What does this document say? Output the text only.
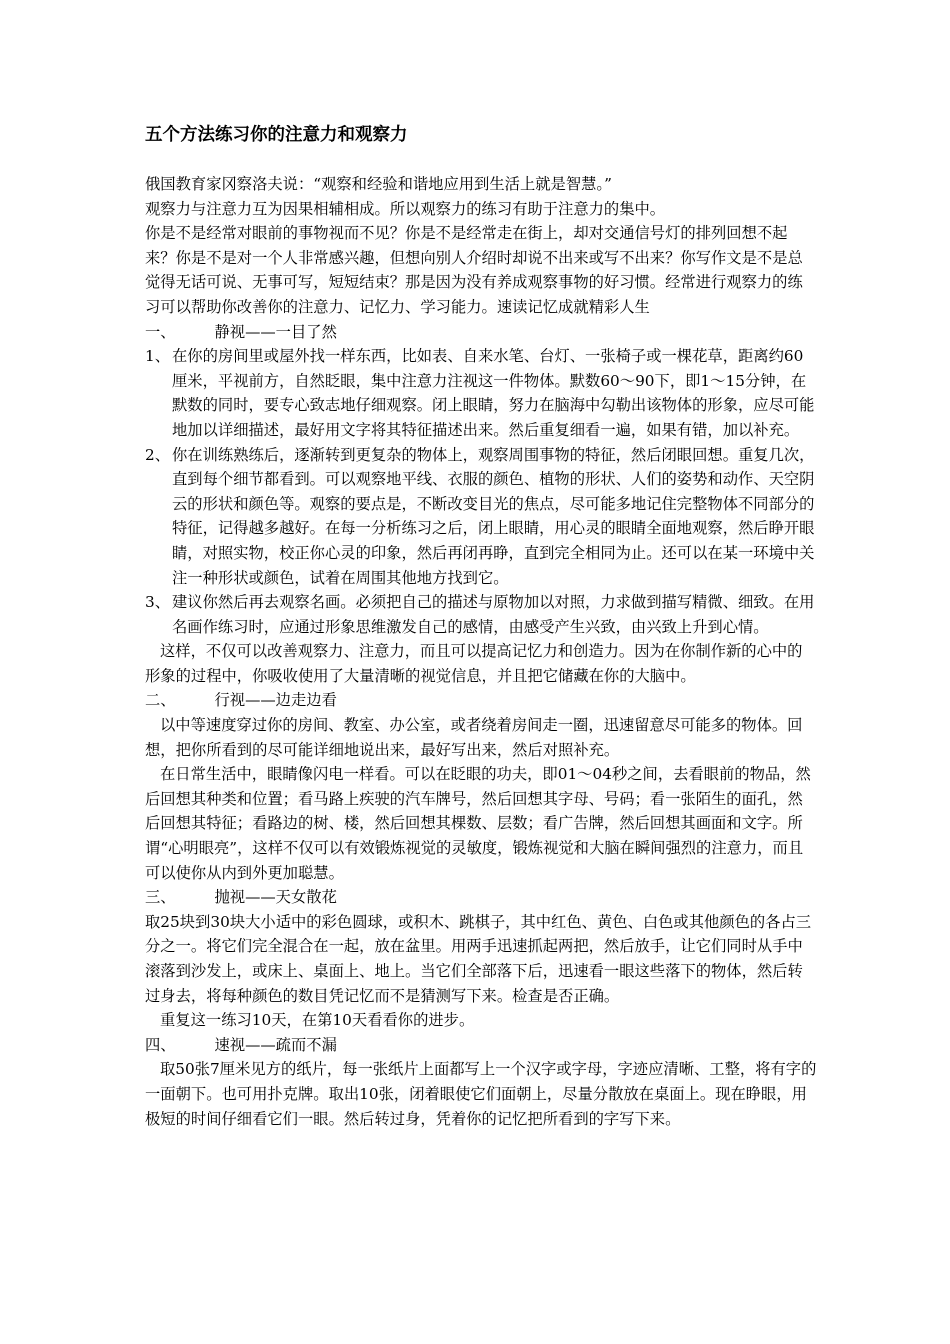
五个方法练习你的注意力和观察力

俄国教育家冈察洛夫说：“观察和经验和谐地应用到生活上就是智慧。”

观察力与注意力互为因果相辅相成。所以观察力的练习有助于注意力的集中。

你是不是经常对眼前的事物视而不见？你是不是经常走在街上，却对交通信号灯的排列回想不起来？你是不是对一个人非常感兴趣，但想向别人介绍时却说不出来或写不出来？你写作文是不是总觉得无话可说、无事可写，短短结束？那是因为没有养成观察事物的好习惯。经常进行观察力的练习可以帮助你改善你的注意力、记忆力、学习能力。速读记忆成就精彩人生

一、        静视——一目了然

1、 在你的房间里或屋外找一样东西，比如表、自来水笔、台灯、一张椅子或一棵花草，距离约60厘米，平视前方，自然眨眼，集中注意力注视这一件物体。默数60～90下，即1～15分钟，在默数的同时，要专心致志地仔细观察。闭上眼睛，努力在脑海中勾勒出该物体的形象，应尽可能地加以详细描述，最好用文字将其特征描述出来。然后重复细看一遍，如果有错，加以补充。
2、 你在训练熟练后，逐渐转到更复杂的物体上，观察周围事物的特征，然后闭眼回想。重复几次，直到每个细节都看到。可以观察地平线、衣服的颜色、植物的形状、人们的姿势和动作、天空阴云的形状和颜色等。观察的要点是，不断改变目光的焦点，尽可能多地记住完整物体不同部分的特征，记得越多越好。在每一分析练习之后，闭上眼睛，用心灵的眼睛全面地观察，然后睁开眼睛，对照实物，校正你心灵的印象，然后再闭再睁，直到完全相同为止。还可以在某一环境中关注一种形状或颜色，试着在周围其他地方找到它。
3、 建议你然后再去观察名画。必须把自己的描述与原物加以对照，力求做到描写精微、细致。在用名画作练习时，应通过形象思维激发自己的感情，由感受产生兴致，由兴致上升到心情。

这样，不仅可以改善观察力、注意力，而且可以提高记忆力和创造力。因为在你制作新的心中的形象的过程中，你吸收使用了大量清晰的视觉信息，并且把它储藏在你的大脑中。

二、        行视——边走边看

以中等速度穿过你的房间、教室、办公室，或者绕着房间走一圈，迅速留意尽可能多的物体。回想，把你所看到的尽可能详细地说出来，最好写出来，然后对照补充。

在日常生活中，眼睛像闪电一样看。可以在眨眼的功夫，即01～04秒之间，去看眼前的物品，然后回想其种类和位置；看马路上疾驶的汽车牌号，然后回想其字母、号码；看一张陌生的面孔，然后回想其特征；看路边的树、楼，然后回想其棵数、层数；看广告牌，然后回想其画面和文字。所谓“心明眼亮”，这样不仅可以有效锻炼视觉的灵敏度，锻炼视觉和大脑在瞬间强烈的注意力，而且可以使你从内到外更加聪慧。

三、        抛视——天女散花

取25块到30块大小适中的彩色圆球，或积木、跳棋子，其中红色、黄色、白色或其他颜色的各占三分之一。将它们完全混合在一起，放在盆里。用两手迅速抓起两把，然后放手，让它们同时从手中滚落到沙发上，或床上、桌面上、地上。当它们全部落下后，迅速看一眼这些落下的物体，然后转过身去，将每种颜色的数目凭记忆而不是猜测写下来。检查是否正确。

重复这一练习10天，在第10天看看你的进步。

四、        速视——疏而不漏

取50张7厘米见方的纸片，每一张纸片上面都写上一个汉字或字母，字迹应清晰、工整，将有字的一面朝下。也可用扑克牌。取出10张，闭着眼使它们面朝上，尽量分散放在桌面上。现在睁眼，用极短的时间仔细看它们一眼。然后转过身，凭着你的记忆把所看到的字写下来。
